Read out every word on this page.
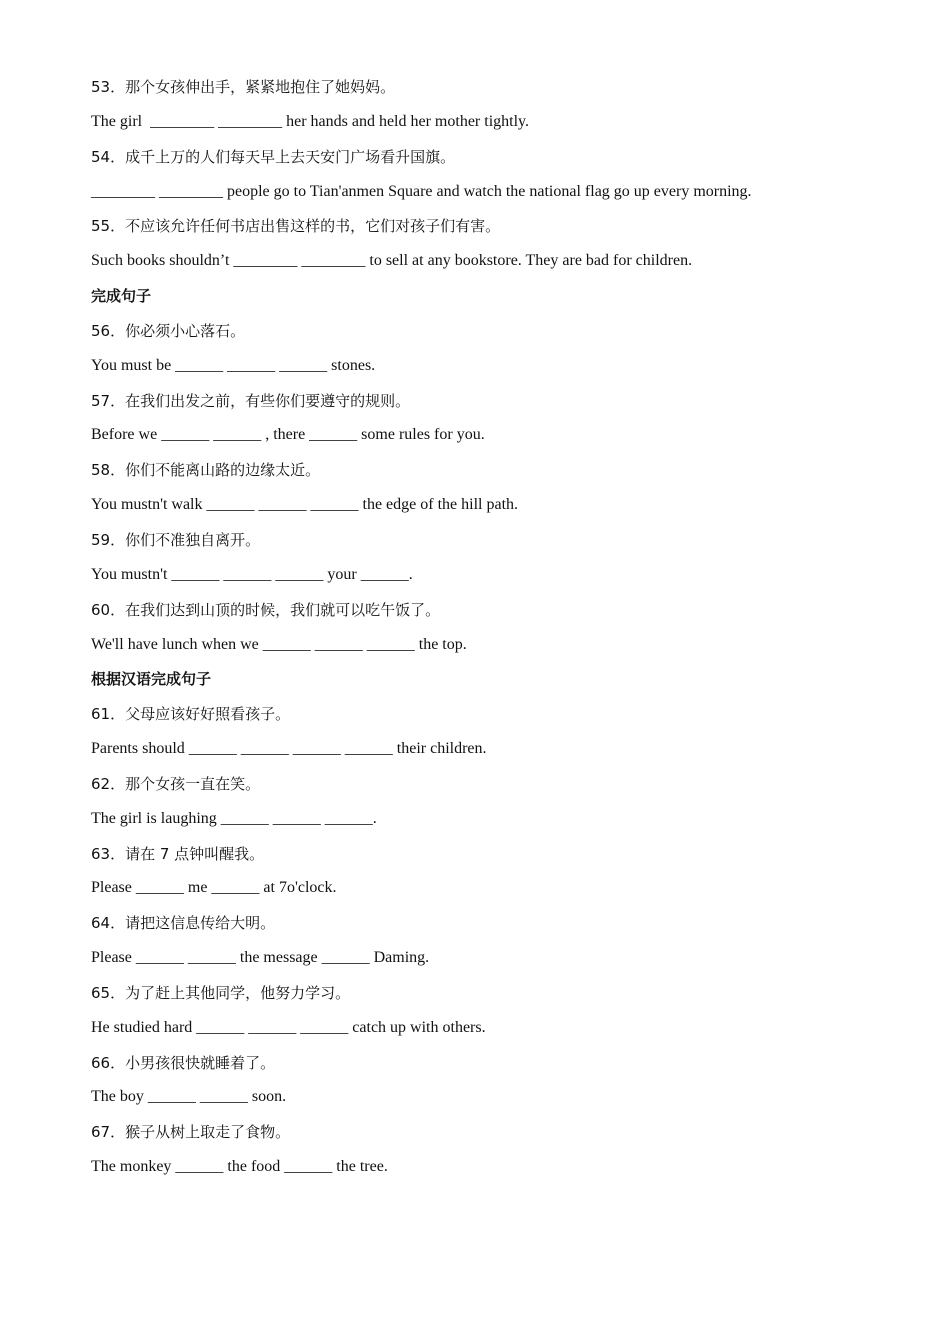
53．那个女孩伸出手，紧紧地抱住了她妈妈。
The girl  ________ ________ her hands and held her mother tightly.
54．成千上万的人们每天早上去天安门广场看升国旗。
________ ________ people go to Tian'anmen Square and watch the national flag go up every morning.
55．不应该允许任何书店出售这样的书，它们对孩子们有害。
Such books shouldn’t ________ ________ to sell at any bookstore. They are bad for children.
完成句子
56．你必须小心落石。
You must be ______ ______ ______ stones.
57．在我们出发之前，有些你们要遵守的规则。
Before we ______ ______ , there ______ some rules for you.
58．你们不能离山路的边缘太近。
You mustn't walk ______ ______ ______ the edge of the hill path.
59．你们不准独自离开。
You mustn't ______ ______ ______ your ______.
60．在我们达到山顶的时候，我们就可以吃午饭了。
We'll have lunch when we ______ ______ ______ the top.
根据汉语完成句子
61．父母应该好好照看孩子。
Parents should ______ ______ ______ ______ their children.
62．那个女孩一直在笑。
The girl is laughing ______ ______ ______.
63．请在 7 点钟叫醒我。
Please ______ me ______ at 7o'clock.
64．请把这信息传给大明。
Please ______ ______ the message ______ Daming.
65．为了赶上其他同学，他努力学习。
He studied hard ______ ______ ______ catch up with others.
66．小男孩很快就睡着了。
The boy ______ ______ soon.
67．猴子从树上取走了食物。
The monkey ______ the food ______ the tree.
